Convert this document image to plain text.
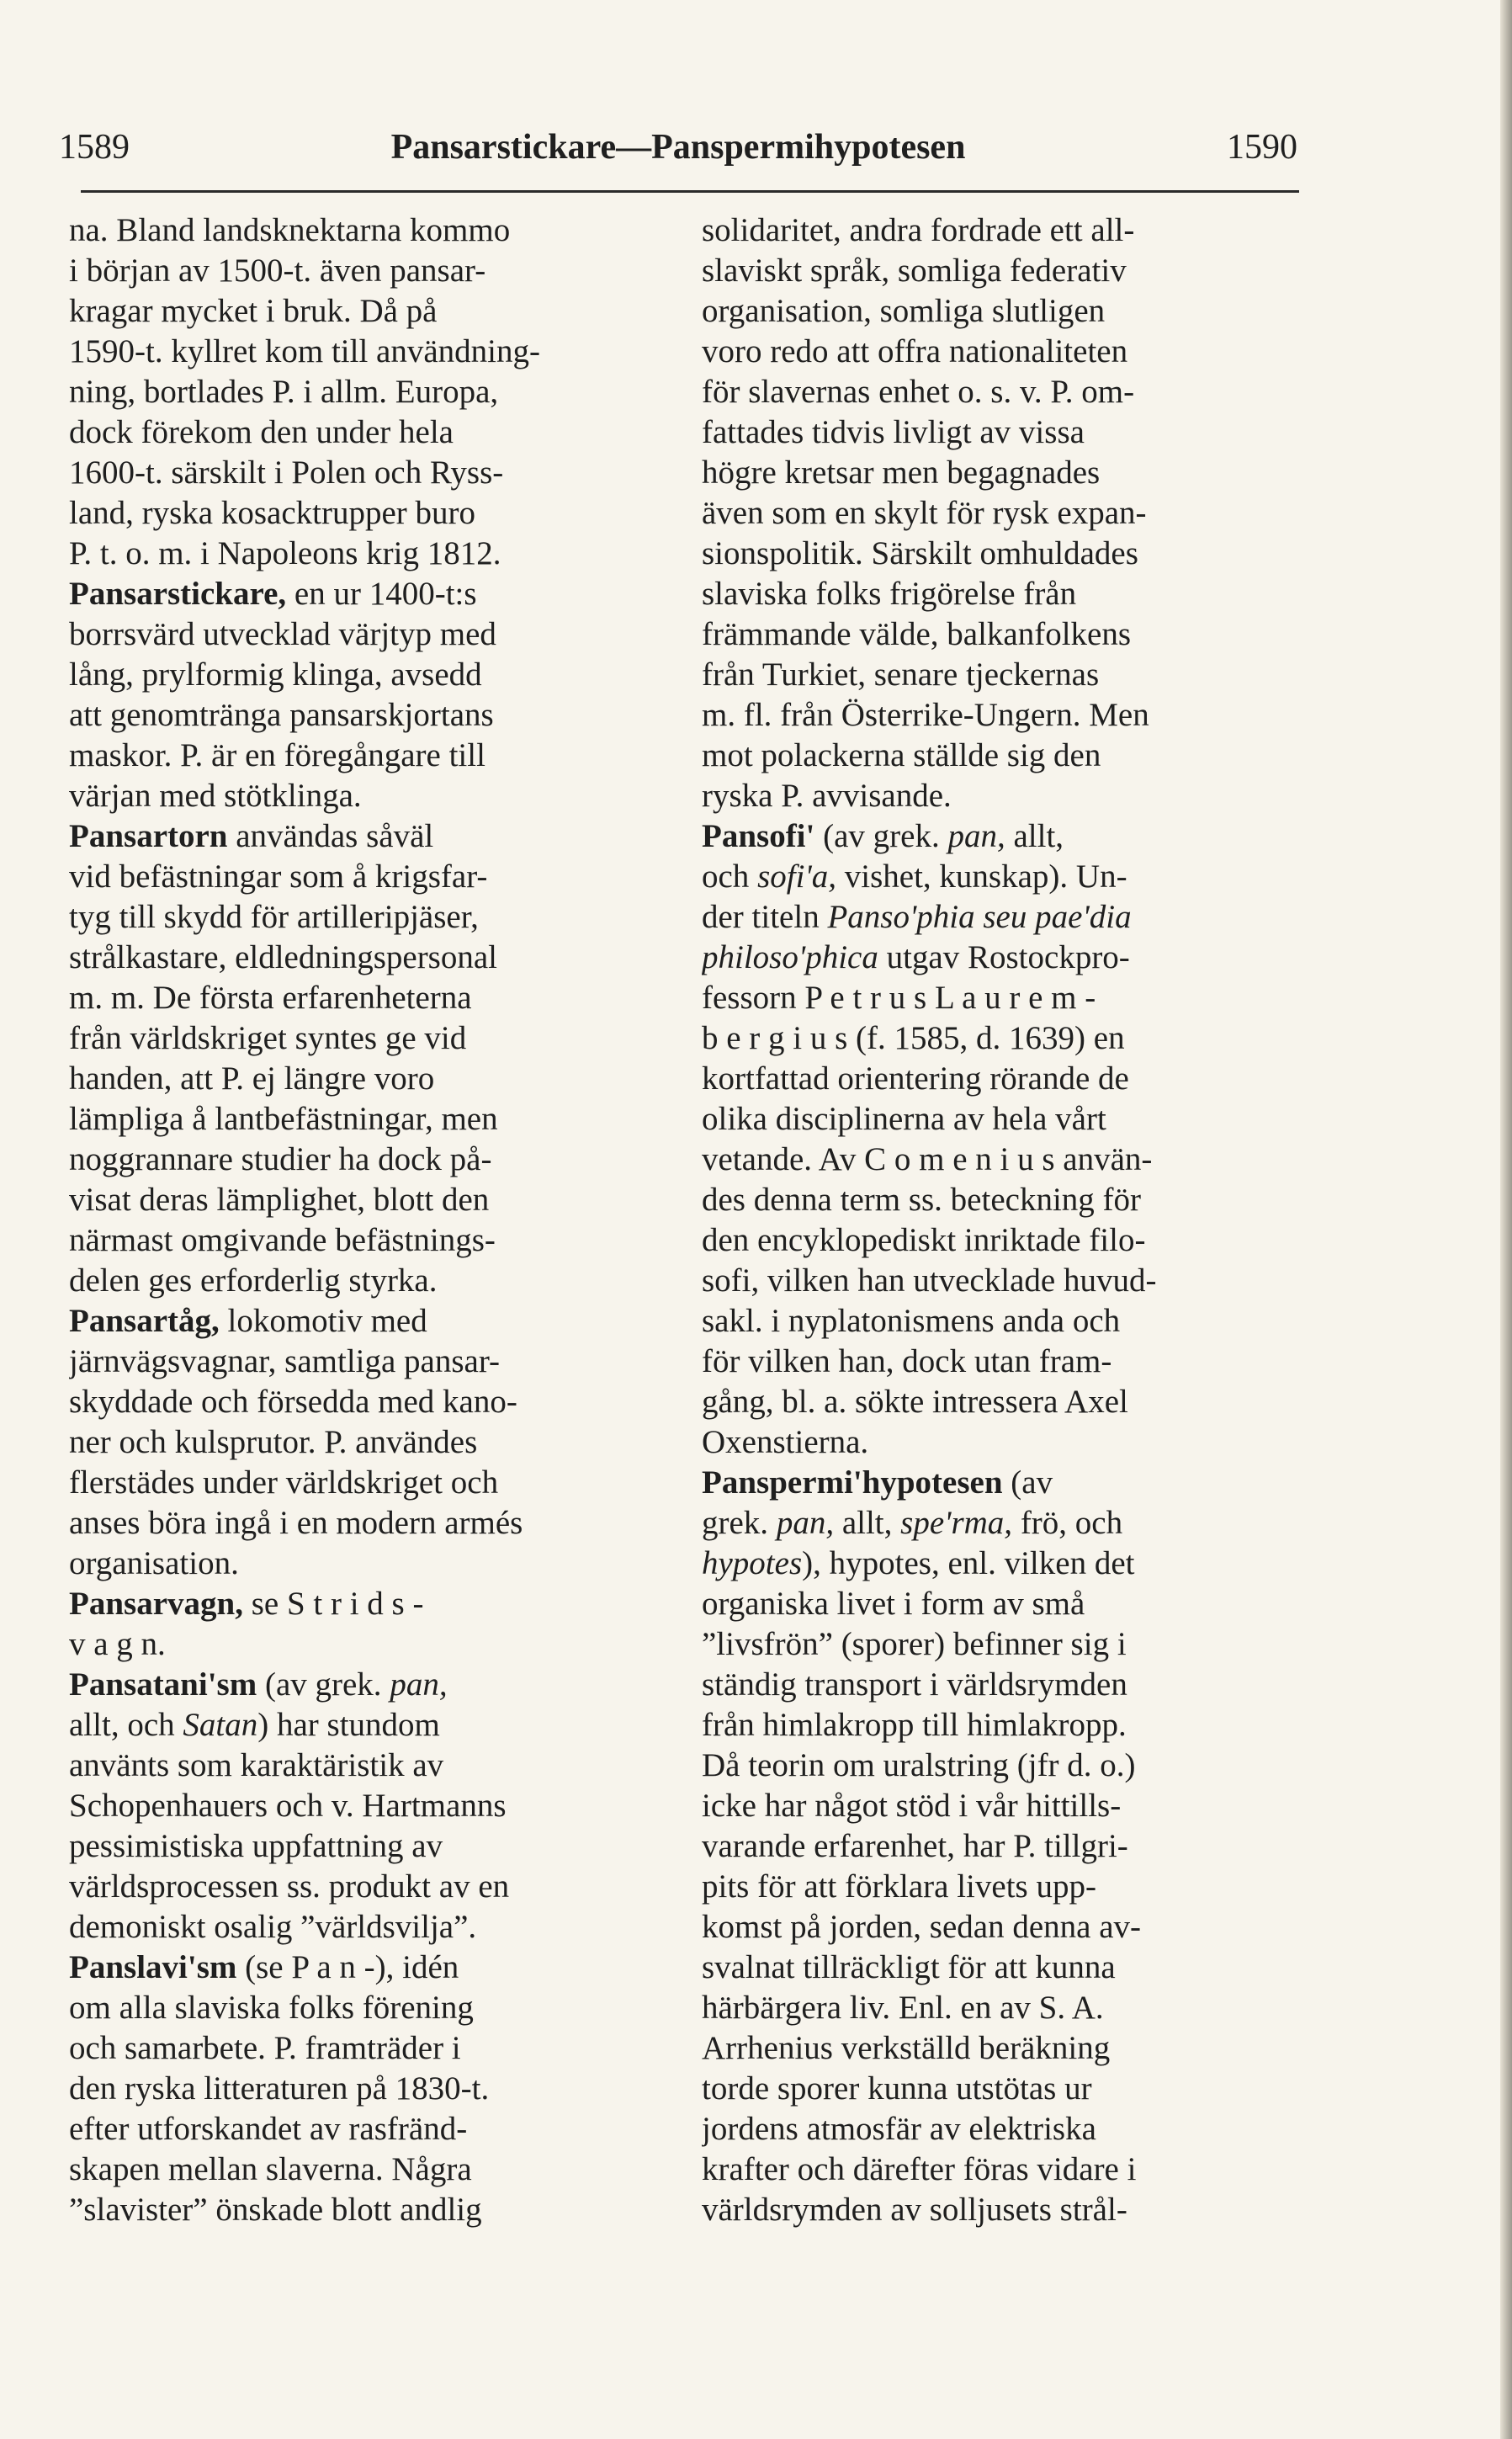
1589	Pansarstickare—Panspermihypotesen	1590
na. Bland landsknektarna kommo
i början av 1500-t. även pansar-
kragar mycket i bruk. Då på
1590-t. kyllret kom till användning-
ning, bortlades P. i allm. Europa,
dock förekom den under hela
1600-t. särskilt i Polen och Ryss-
land, ryska kosacktrupper buro
P. t. o. m. i Napoleons krig 1812.
Pansarstickare, en ur 1400-t:s
borrsvärd utvecklad värjtyp med
lång, prylformig klinga, avsedd
att genomtränga pansarskjortans
maskor. P. är en föregångare till
värjan med stötklinga.
Pansartorn användas såväl
vid befästningar som å krigsfar-
tyg till skydd för artilleripjäser,
strålkastare, eldledningspersonal
m. m. De första erfarenheterna
från världskriget syntes ge vid
handen, att P. ej längre voro
lämpliga å lantbefästningar, men
noggrannare studier ha dock på-
visat deras lämplighet, blott den
närmast omgivande befästnings-
delen ges erforderlig styrka.
Pansartåg, lokomotiv med
järnvägsvagnar, samtliga pansar-
skyddade och försedda med kano-
ner och kulsprutor. P. användes
flerstädes under världskriget och
anses böra ingå i en modern armés
organisation.
Pansarvagn, se S t r i d s -
v a g n.
Pansatani'sm (av grek. pan,
allt, och Satan) har stundom
använts som karaktäristik av
Schopenhauers och v. Hartmanns
pessimistiska uppfattning av
världsprocessen ss. produkt av en
demoniskt osalig ”världsvilja”.
Panslavi'sm (se P a n -), idén
om alla slaviska folks förening
och samarbete. P. framträder i
den ryska litteraturen på 1830-t.
efter utforskandet av rasfränd-
skapen mellan slaverna. Några
”slavister” önskade blott andlig
solidaritet, andra fordrade ett all-
slaviskt språk, somliga federativ
organisation, somliga slutligen
voro redo att offra nationaliteten
för slavernas enhet o. s. v. P. om-
fattades tidvis livligt av vissa
högre kretsar men begagnades
även som en skylt för rysk expan-
sionspolitik. Särskilt omhuldades
slaviska folks frigörelse från
främmande välde, balkanfolkens
från Turkiet, senare tjeckernas
m. fl. från Österrike-Ungern. Men
mot polackerna ställde sig den
ryska P. avvisande.
Pansofi' (av grek. pan, allt,
och sofi'a, vishet, kunskap). Un-
der titeln Panso'phia seu pae'dia
philoso'phica utgav Rostockpro-
fessorn P e t r u s L a u r e m -
b e r g i u s (f. 1585, d. 1639) en
kortfattad orientering rörande de
olika disciplinerna av hela vårt
vetande. Av C o m e n i u s använ-
des denna term ss. beteckning för
den encyklopediskt inriktade filo-
sofi, vilken han utvecklade huvud-
sakl. i nyplatonismens anda och
för vilken han, dock utan fram-
gång, bl. a. sökte intressera Axel
Oxenstierna.
Panspermi'hypotesen (av
grek. pan, allt, spe'rma, frö, och
hypotes), hypotes, enl. vilken det
organiska livet i form av små
”livsfrön” (sporer) befinner sig i
ständig transport i världsrymden
från himlakropp till himlakropp.
Då teorin om uralstring (jfr d. o.)
icke har något stöd i vår hittills-
varande erfarenhet, har P. tillgri-
pits för att förklara livets upp-
komst på jorden, sedan denna av-
svalnat tillräckligt för att kunna
härbärgera liv. Enl. en av S. A.
Arrhenius verkställd beräkning
torde sporer kunna utstötas ur
jordens atmosfär av elektriska
krafter och därefter föras vidare i
världsrymden av solljusets strål-
